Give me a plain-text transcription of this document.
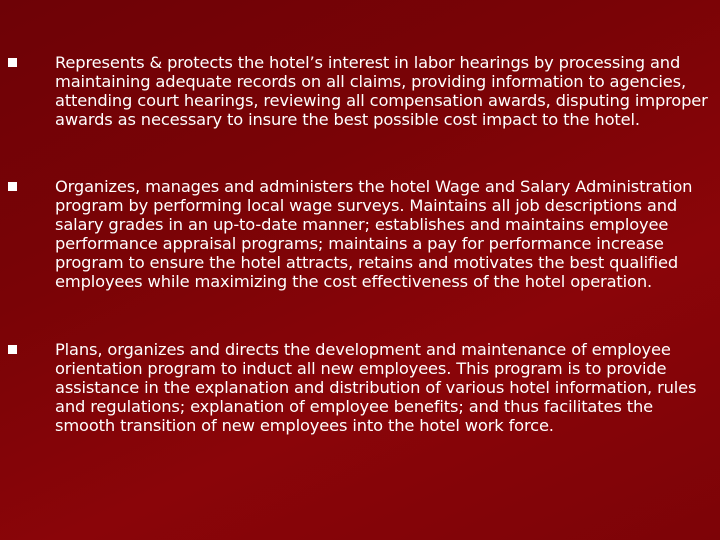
Represents & protects the hotel’s interest in labor hearings by processing and maintaining adequate records on all claims, providing information to agencies, attending court hearings, reviewing all compensation awards, disputing improper awards as necessary to insure the best possible cost impact to the hotel.

Organizes, manages and administers the hotel Wage and Salary Administration program by performing local wage surveys. Maintains all job descriptions and salary grades in an up-to-date manner; establishes and maintains employee performance appraisal programs; maintains a pay for performance increase program to ensure the hotel attracts, retains and motivates the best qualified employees while maximizing the cost effectiveness of the hotel operation.

Plans, organizes and directs the development and maintenance of employee orientation program to induct all new employees. This program is to provide assistance in the explanation and distribution of various hotel information, rules and regulations; explanation of employee benefits; and thus facilitates the smooth transition of new employees into the hotel work force.
